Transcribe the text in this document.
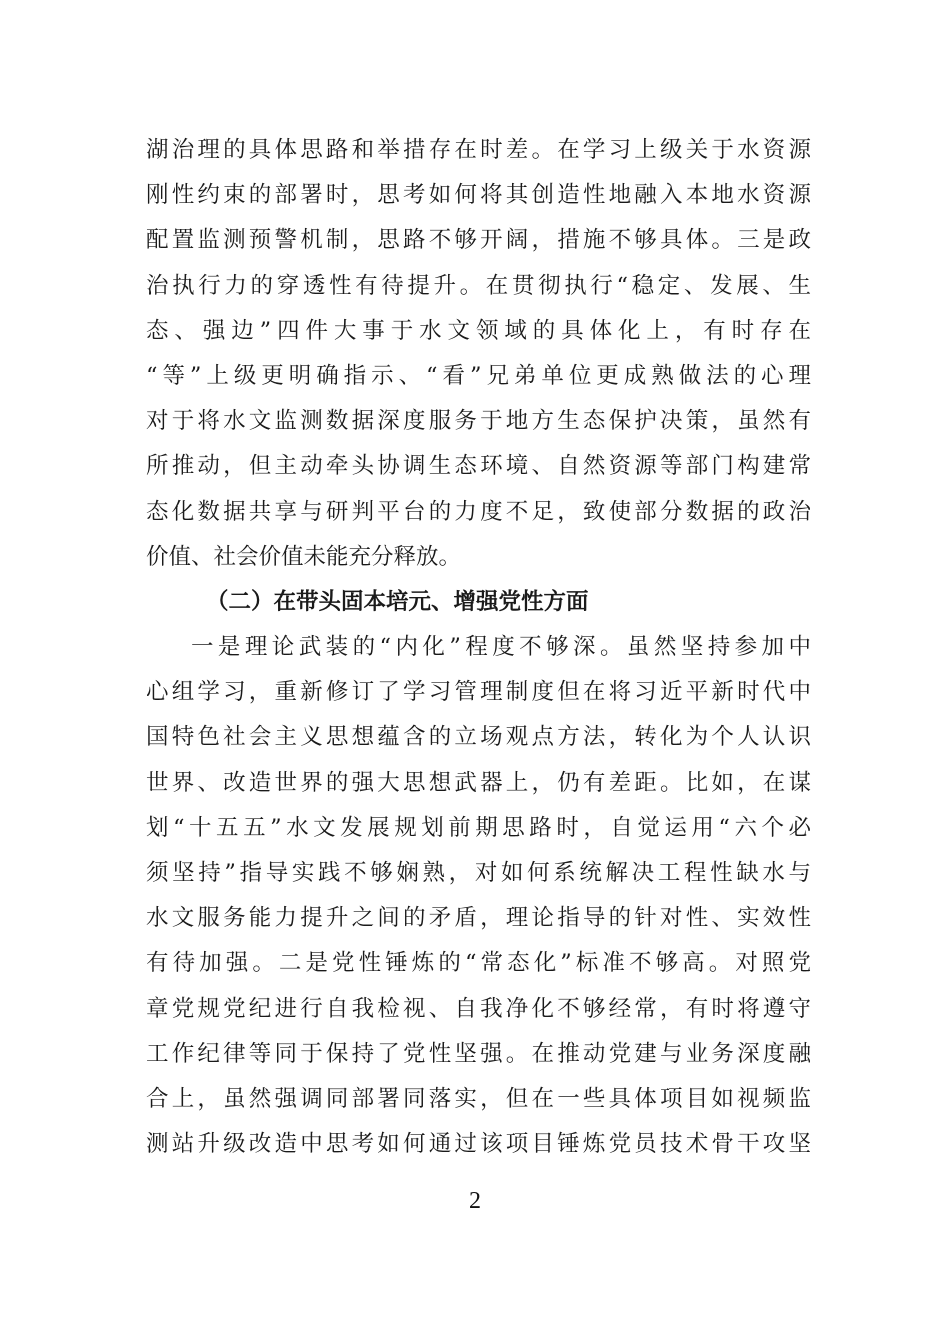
湖治理的具体思路和举措存在时差。在学习上级关于水资源
刚性约束的部署时，思考如何将其创造性地融入本地水资源
配置监测预警机制，思路不够开阔，措施不够具体。三是政
治执行力的穿透性有待提升。在贯彻执行“稳定、发展、生
态、强边”四件大事于水文领域的具体化上，有时存在
“等”上级更明确指示、“看”兄弟单位更成熟做法的心理
对于将水文监测数据深度服务于地方生态保护决策，虽然有
所推动，但主动牵头协调生态环境、自然资源等部门构建常
态化数据共享与研判平台的力度不足，致使部分数据的政治
价值、社会价值未能充分释放。
（二）在带头固本培元、增强党性方面
一是理论武装的“内化”程度不够深。虽然坚持参加中
心组学习，重新修订了学习管理制度但在将习近平新时代中
国特色社会主义思想蕴含的立场观点方法，转化为个人认识
世界、改造世界的强大思想武器上，仍有差距。比如，在谋
划“十五五”水文发展规划前期思路时，自觉运用“六个必
须坚持”指导实践不够娴熟，对如何系统解决工程性缺水与
水文服务能力提升之间的矛盾，理论指导的针对性、实效性
有待加强。二是党性锤炼的“常态化”标准不够高。对照党
章党规党纪进行自我检视、自我净化不够经常，有时将遵守
工作纪律等同于保持了党性坚强。在推动党建与业务深度融
合上，虽然强调同部署同落实，但在一些具体项目如视频监
测站升级改造中思考如何通过该项目锤炼党员技术骨干攻坚
2
